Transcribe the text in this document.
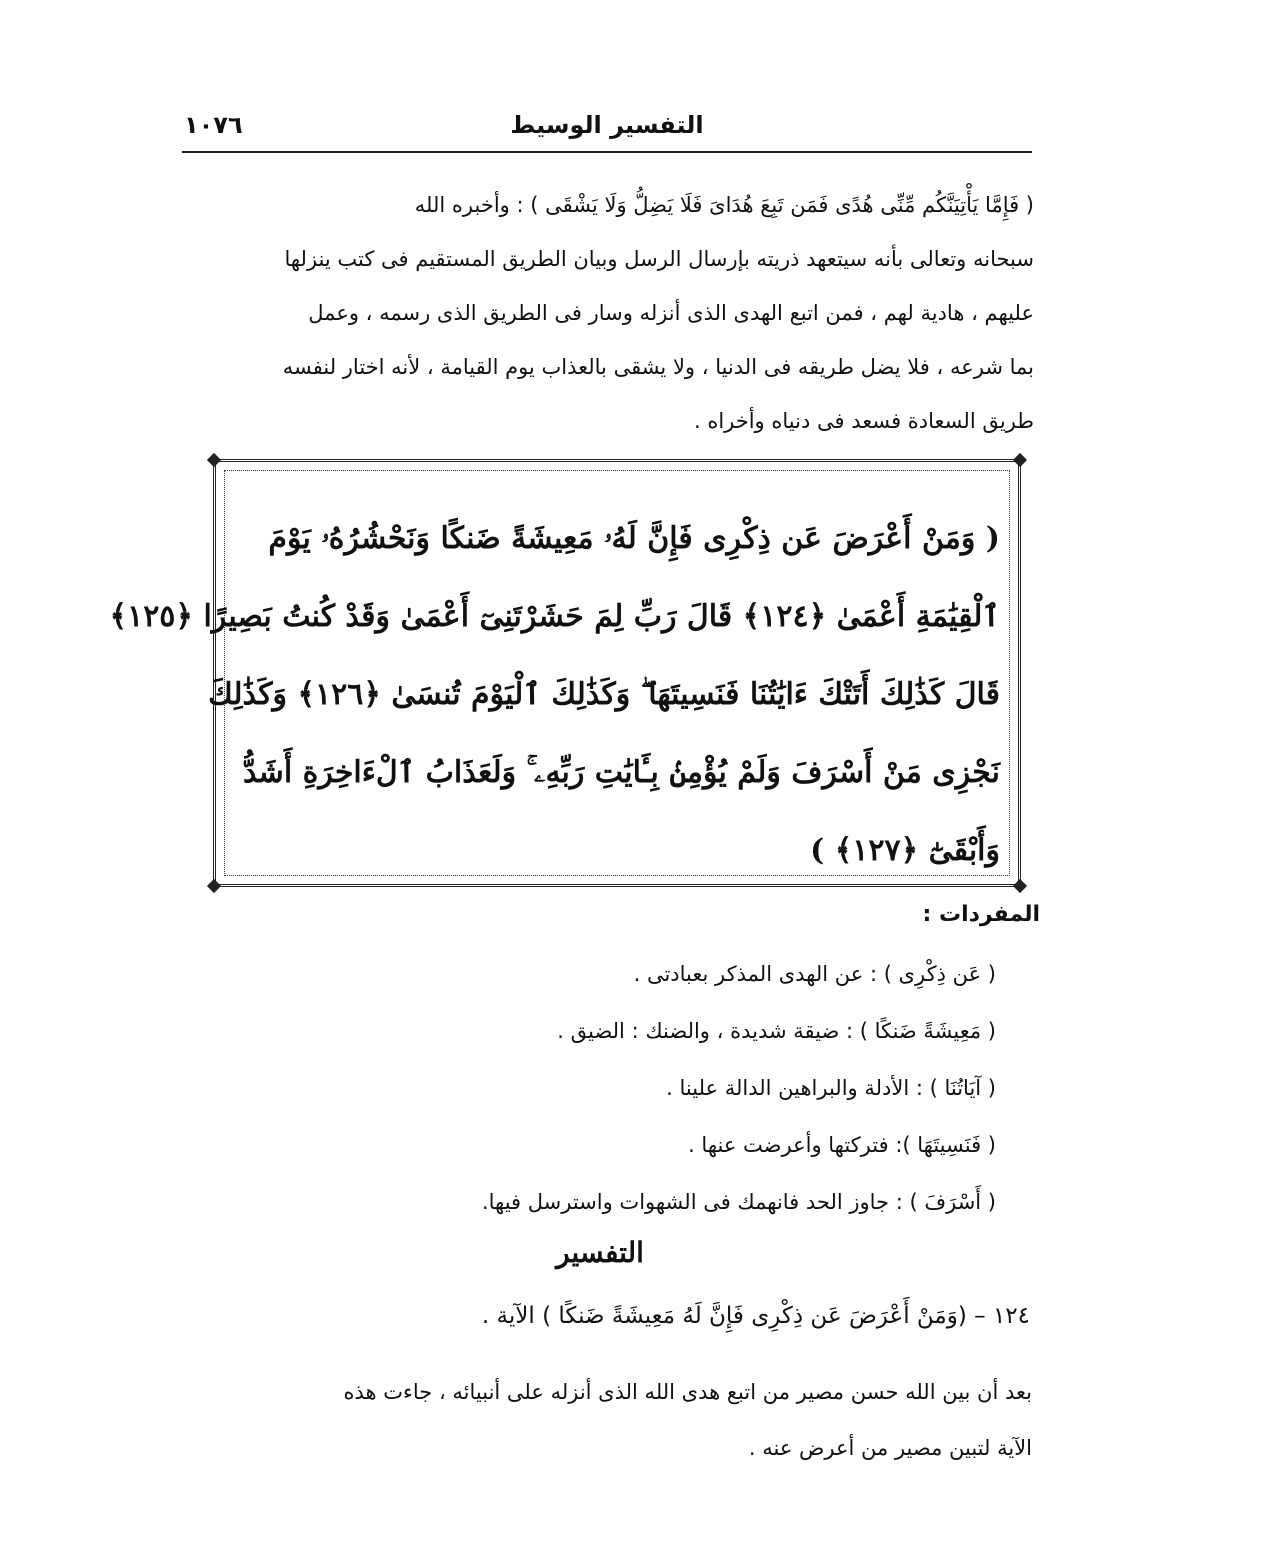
التفسير الوسيط
١٠٧٦
( فَإِمَّا يَأْتِيَنَّكُم مِّنِّى هُدًى فَمَن تَبِعَ هُدَاىَ فَلَا يَضِلُّ وَلَا يَشْقَى ) : وأخبره الله
سبحانه وتعالى بأنه سيتعهد ذريته بإرسال الرسل وبيان الطريق المستقيم فى كتب ينزلها
عليهم ، هادية لهم ، فمن اتبع الهدى الذى أنزله وسار فى الطريق الذى رسمه ، وعمل
بما شرعه ، فلا يضل طريقه فى الدنيا ، ولا يشقى بالعذاب يوم القيامة ، لأنه اختار لنفسه
طريق السعادة فسعد فى دنياه وأخراه .
( وَمَنْ أَعْرَضَ عَن ذِكْرِى فَإِنَّ لَهُۥ مَعِيشَةً ضَنكًا وَنَحْشُرُهُۥ يَوْمَ
ٱلْقِيَٰمَةِ أَعْمَىٰ ﴿١٢٤﴾ قَالَ رَبِّ لِمَ حَشَرْتَنِىٓ أَعْمَىٰ وَقَدْ كُنتُ بَصِيرًا ﴿١٢٥﴾
قَالَ كَذَٰلِكَ أَتَتْكَ ءَايَٰتُنَا فَنَسِيتَهَا ۖ وَكَذَٰلِكَ ٱلْيَوْمَ تُنسَىٰ ﴿١٢٦﴾ وَكَذَٰلِكَ
نَجْزِى مَنْ أَسْرَفَ وَلَمْ يُؤْمِنۢ بِـَٔايَٰتِ رَبِّهِۦ ۚ وَلَعَذَابُ ٱلْءَاخِرَةِ أَشَدُّ
وَأَبْقَىٰٓ ﴿١٢٧﴾ )
المفردات :
( عَن ذِكْرِى ) : عن الهدى المذكر بعبادتى .
( مَعِيشَةً ضَنكًا ) : ضيقة شديدة ، والضنك : الضيق .
( آيَاتُنَا ) : الأدلة والبراهين الدالة علينا .
( فَنَسِيتَهَا ): فتركتها وأعرضت عنها .
( أَسْرَفَ ) : جاوز الحد فانهمك فى الشهوات واسترسل فيها.
التفسير
١٢٤ – (وَمَنْ أَعْرَضَ عَن ذِكْرِى فَإِنَّ لَهُ مَعِيشَةً ضَنكًا ) الآية .
بعد أن بين الله حسن مصير من اتبع هدى الله الذى أنزله على أنبيائه ، جاءت هذه
الآية لتبين مصير من أعرض عنه .
